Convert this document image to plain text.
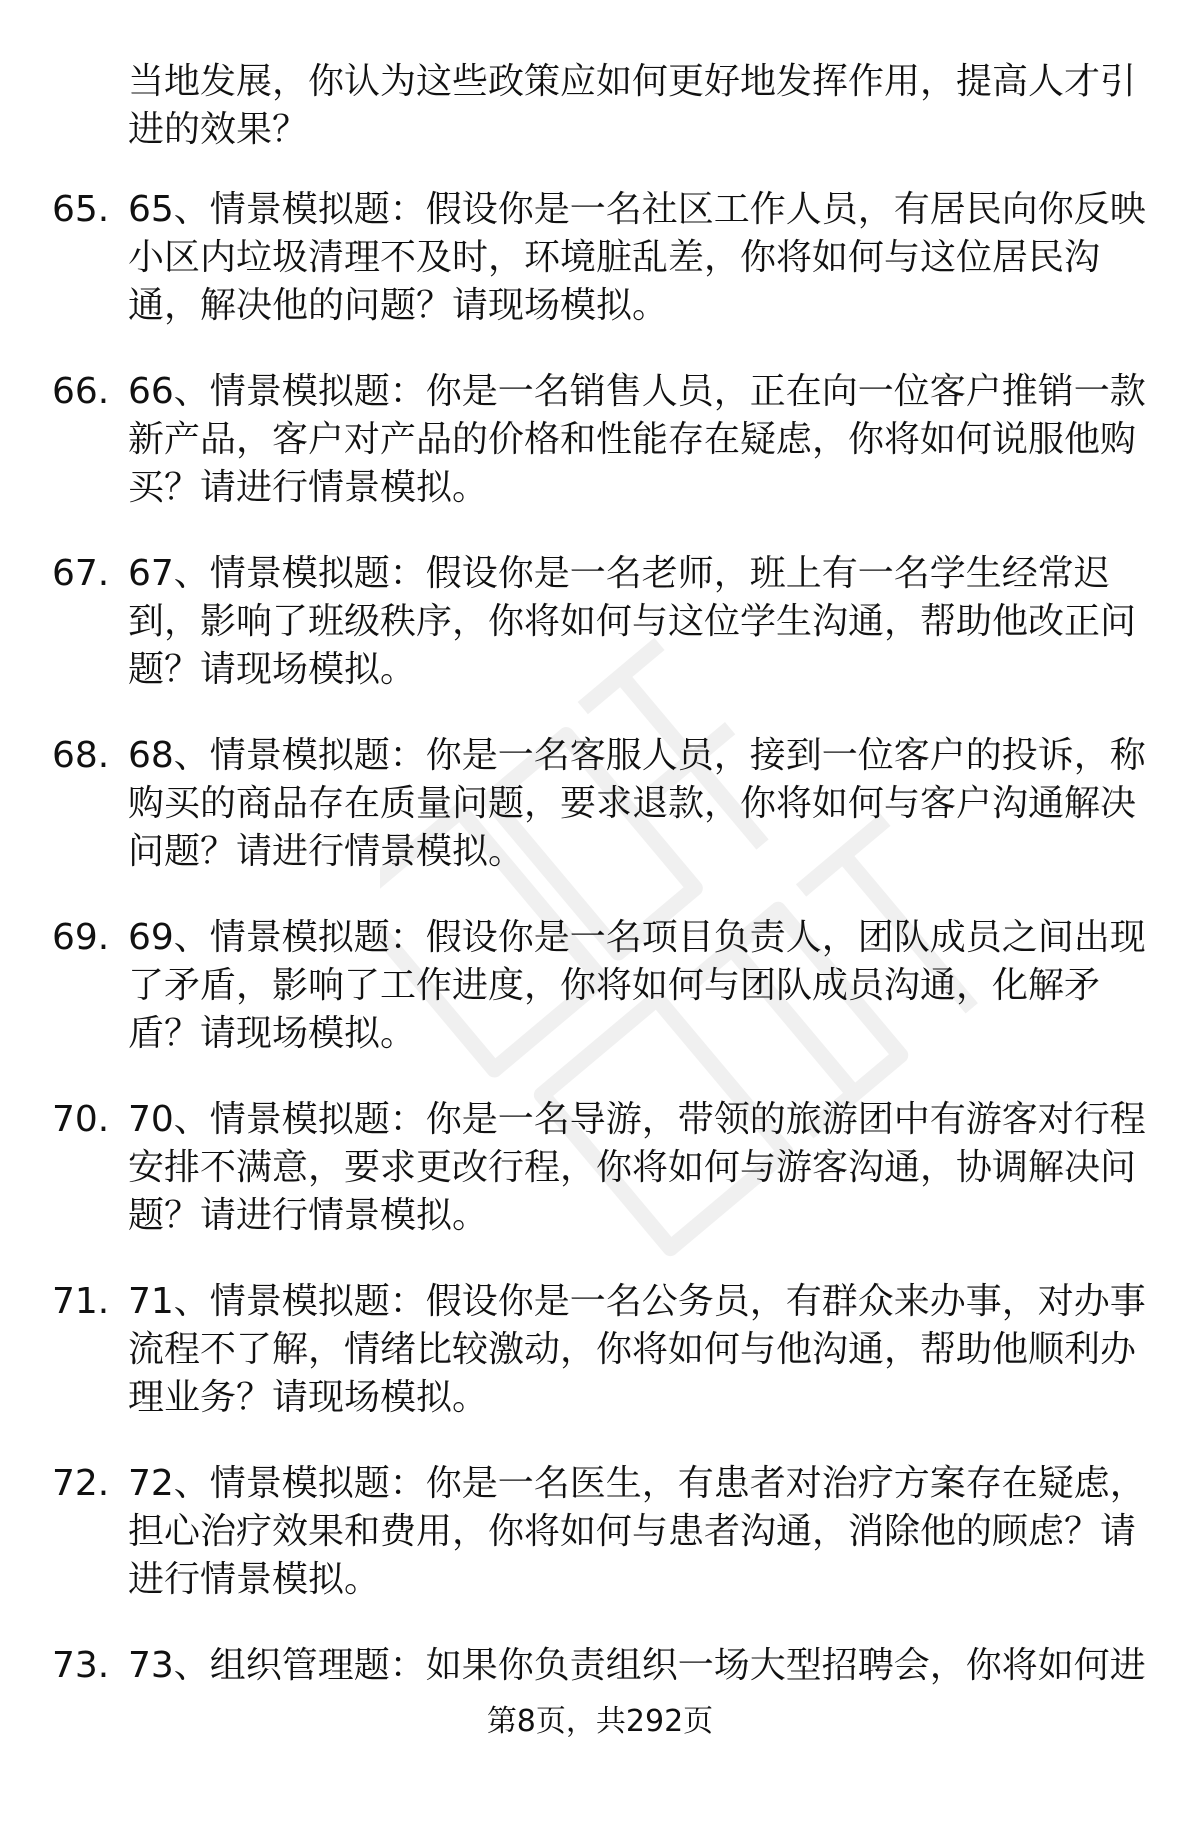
当地发展，你认为这些政策应如何更好地发挥作用，提高人才引进的效果？
65. 65、情景模拟题：假设你是一名社区工作人员，有居民向你反映小区内垃圾清理不及时，环境脏乱差，你将如何与这位居民沟通，解决他的问题？请现场模拟。
66. 66、情景模拟题：你是一名销售人员，正在向一位客户推销一款新产品，客户对产品的价格和性能存在疑虑，你将如何说服他购买？请进行情景模拟。
67. 67、情景模拟题：假设你是一名老师，班上有一名学生经常迟到，影响了班级秩序，你将如何与这位学生沟通，帮助他改正问题？请现场模拟。
68. 68、情景模拟题：你是一名客服人员，接到一位客户的投诉，称购买的商品存在质量问题，要求退款，你将如何与客户沟通解决问题？请进行情景模拟。
69. 69、情景模拟题：假设你是一名项目负责人，团队成员之间出现了矛盾，影响了工作进度，你将如何与团队成员沟通，化解矛盾？请现场模拟。
70. 70、情景模拟题：你是一名导游，带领的旅游团中有游客对行程安排不满意，要求更改行程，你将如何与游客沟通，协调解决问题？请进行情景模拟。
71. 71、情景模拟题：假设你是一名公务员，有群众来办事，对办事流程不了解，情绪比较激动，你将如何与他沟通，帮助他顺利办理业务？请现场模拟。
72. 72、情景模拟题：你是一名医生，有患者对治疗方案存在疑虑，担心治疗效果和费用，你将如何与患者沟通，消除他的顾虑？请进行情景模拟。
73. 73、组织管理题：如果你负责组织一场大型招聘会，你将如何进
第8页，共292页
